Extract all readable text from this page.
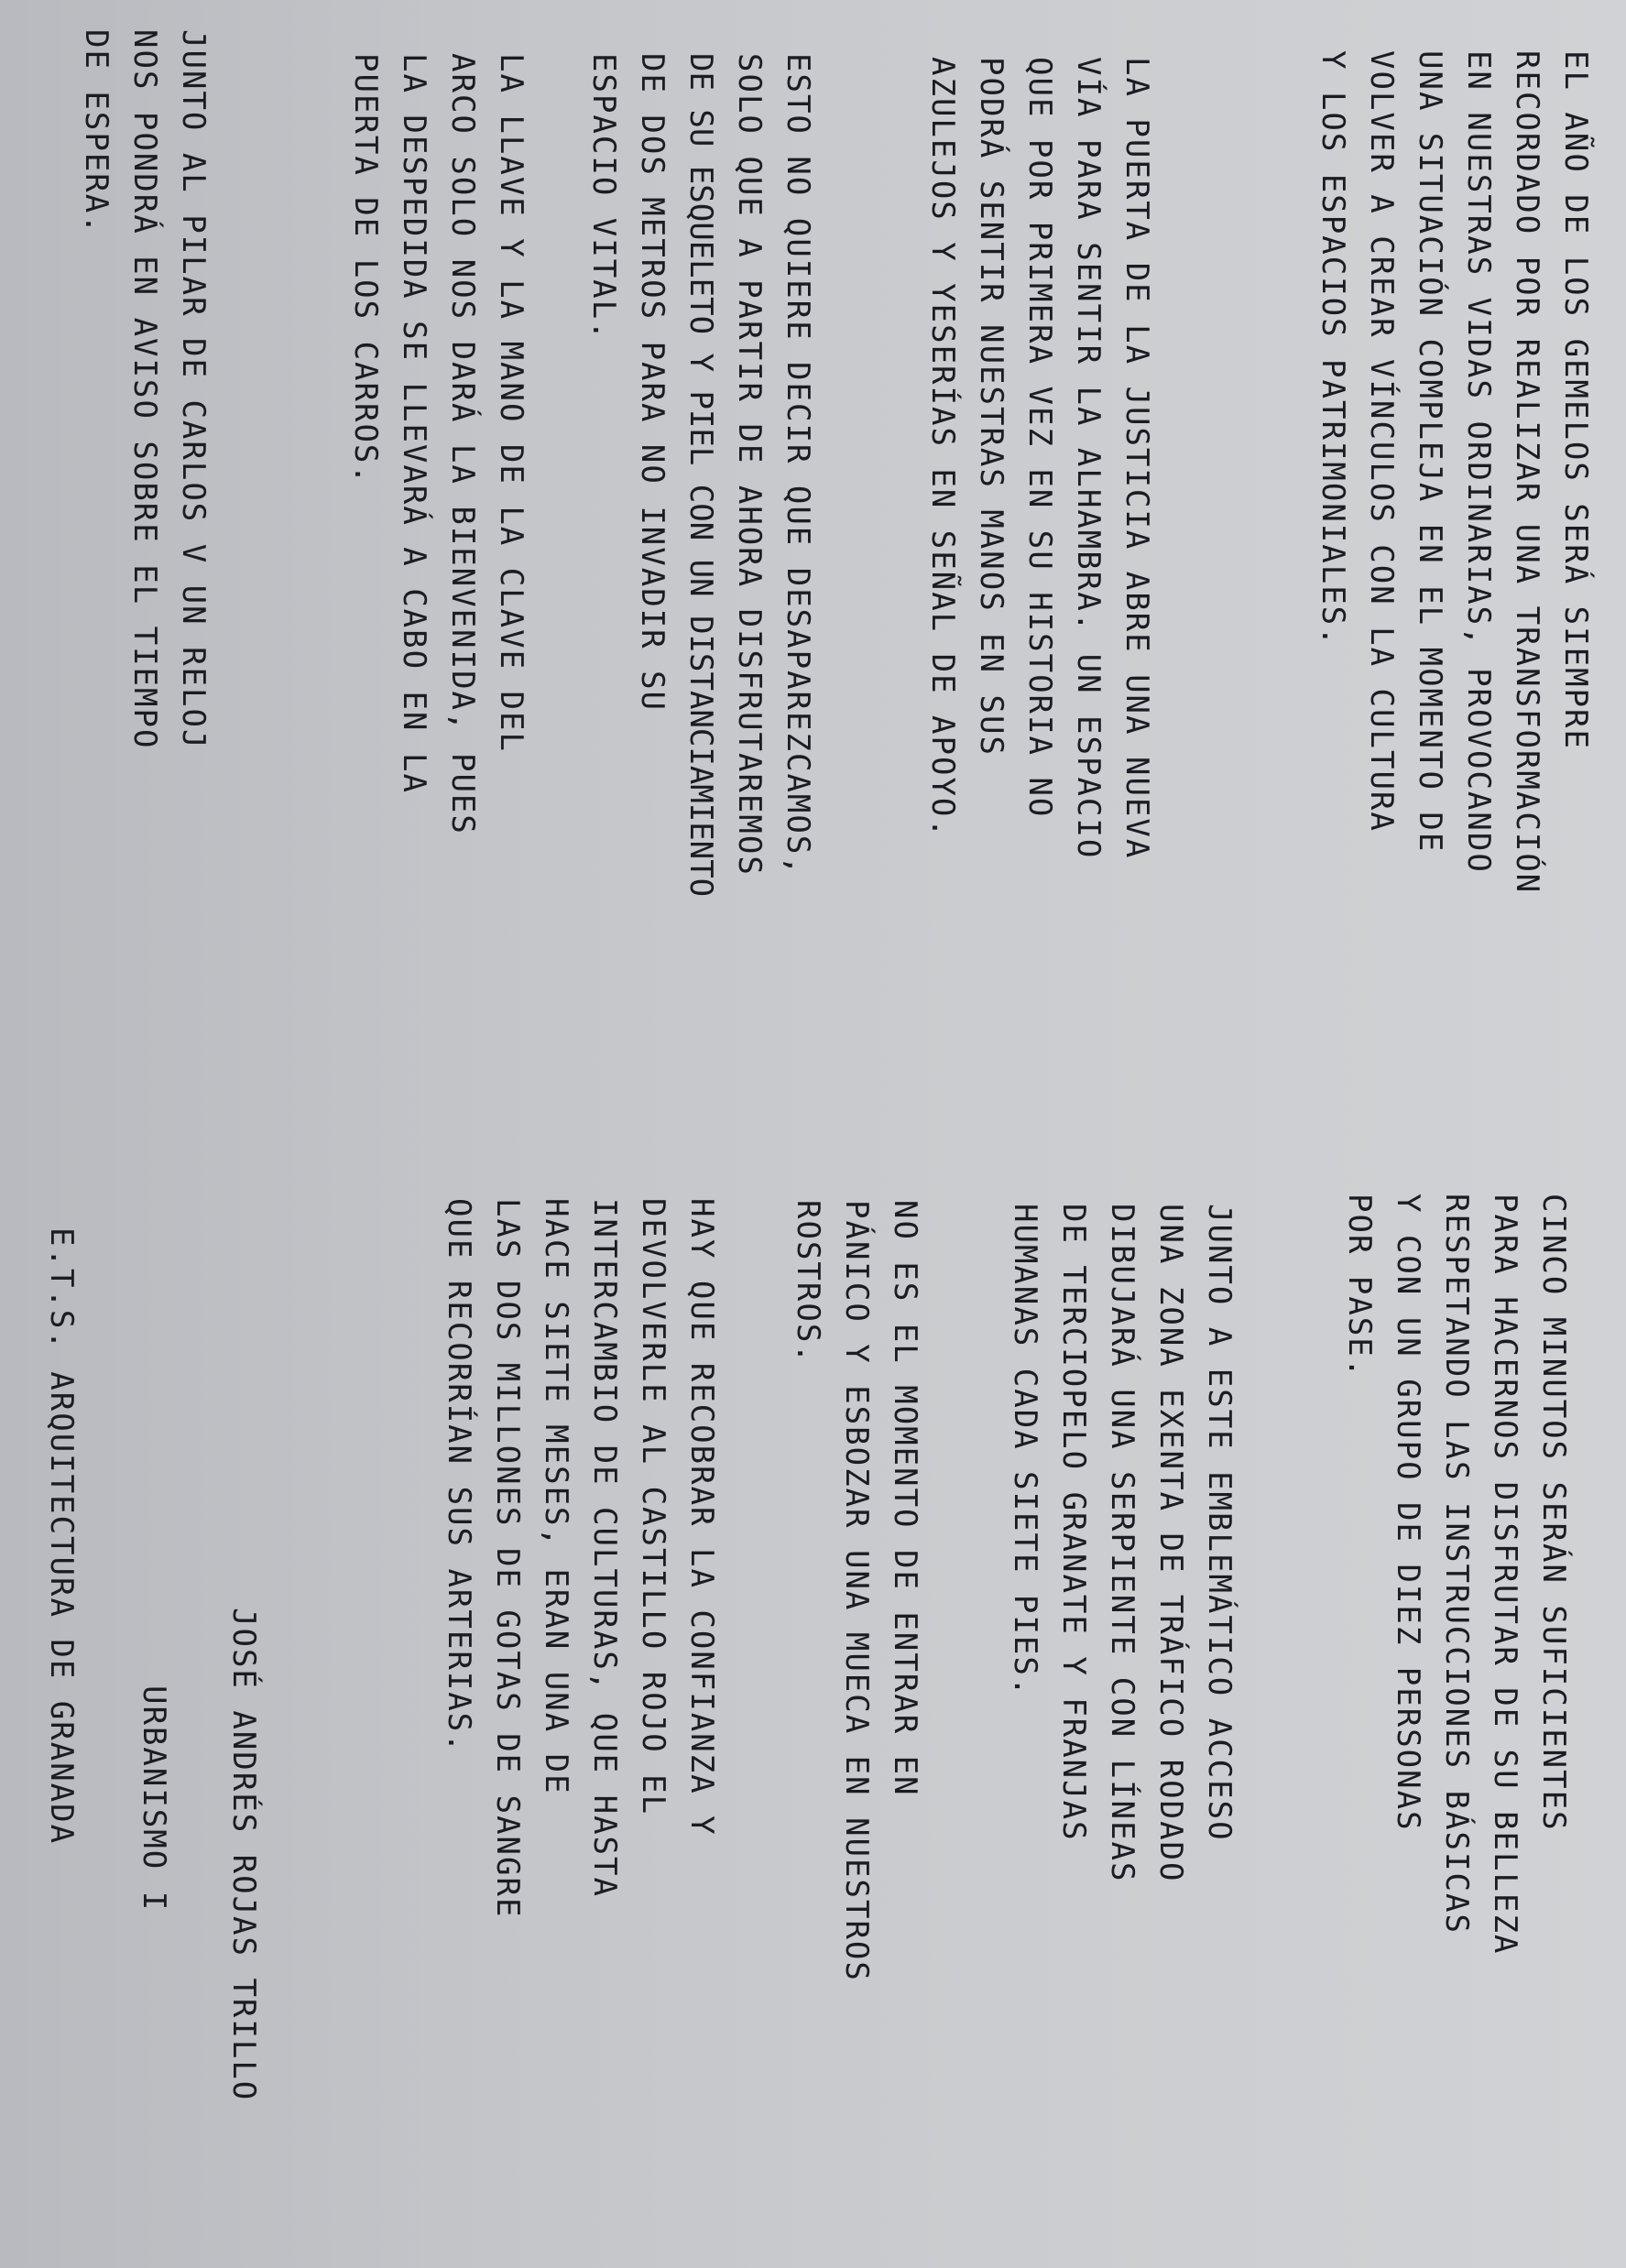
EL AÑO DE LOS GEMELOS SERÁ SIEMPRE
RECORDADO POR REALIZAR UNA TRANSFORMACIÓN
EN NUESTRAS VIDAS ORDINARIAS, PROVOCANDO
UNA SITUACIÓN COMPLEJA EN EL MOMENTO DE
VOLVER A CREAR VÍNCULOS CON LA CULTURA
Y LOS ESPACIOS PATRIMONIALES.
LA PUERTA DE LA JUSTICIA ABRE UNA NUEVA
VÍA PARA SENTIR LA ALHAMBRA. UN ESPACIO
QUE POR PRIMERA VEZ EN SU HISTORIA NO
PODRÁ SENTIR NUESTRAS MANOS EN SUS
AZULEJOS Y YESERÍAS EN SEÑAL DE APOYO.
ESTO NO QUIERE DECIR QUE DESAPAREZCAMOS,
SOLO QUE A PARTIR DE AHORA DISFRUTAREMOS
DE SU ESQUELETO Y PIEL CON UN DISTANCIAMIENTO
DE DOS METROS PARA NO INVADIR SU
ESPACIO VITAL.
LA LLAVE Y LA MANO DE LA CLAVE DEL
ARCO SOLO NOS DARÁ LA BIENVENIDA, PUES
LA DESPEDIDA SE LLEVARÁ A CABO EN LA
PUERTA DE LOS CARROS.
JUNTO AL PILAR DE CARLOS V UN RELOJ
NOS PONDRÁ EN AVISO SOBRE EL TIEMPO
DE ESPERA.
CINCO MINUTOS SERÁN SUFICIENTES
PARA HACERNOS DISFRUTAR DE SU BELLEZA
RESPETANDO LAS INSTRUCCIONES BÁSICAS
Y CON UN GRUPO DE DIEZ PERSONAS
POR PASE.
JUNTO A ESTE EMBLEMÁTICO ACCESO
UNA ZONA EXENTA DE TRÁFICO RODADO
DIBUJARÁ UNA SERPIENTE CON LÍNEAS
DE TERCIOPELO GRANATE Y FRANJAS
HUMANAS CADA SIETE PIES.
NO ES EL MOMENTO DE ENTRAR EN
PÁNICO Y ESBOZAR UNA MUECA EN NUESTROS
ROSTROS.
HAY QUE RECOBRAR LA CONFIANZA Y
DEVOLVERLE AL CASTILLO ROJO EL
INTERCAMBIO DE CULTURAS, QUE HASTA
HACE SIETE MESES, ERAN UNA DE
LAS DOS MILLONES DE GOTAS DE SANGRE
QUE RECORRÍAN SUS ARTERIAS.
JOSÉ ANDRÉS ROJAS TRILLO
URBANISMO I
E.T.S. ARQUITECTURA DE GRANADA
